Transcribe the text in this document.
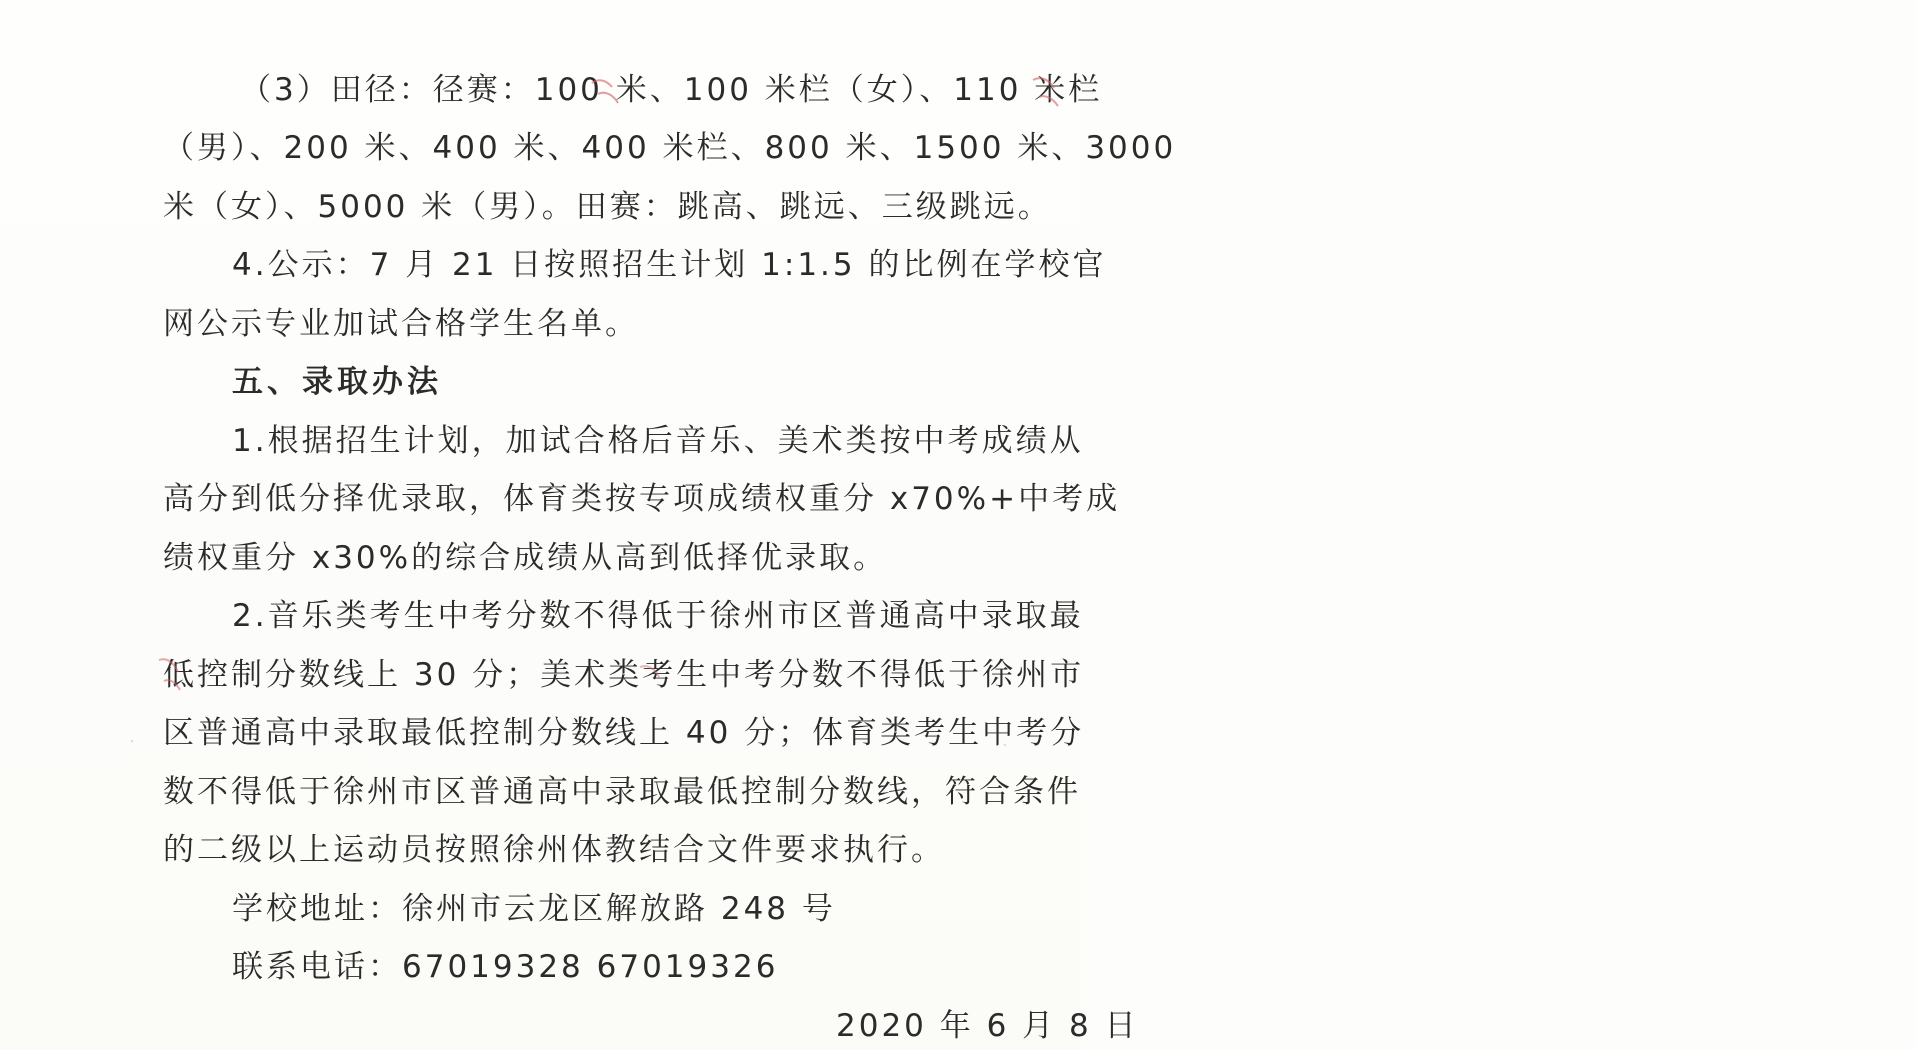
（3）田径：径赛：100 米、100 米栏（女）、110 米栏
（男）、200 米、400 米、400 米栏、800 米、1500 米、3000
米（女）、5000 米（男）。田赛：跳高、跳远、三级跳远。
4.公示：7 月 21 日按照招生计划 1:1.5 的比例在学校官
网公示专业加试合格学生名单。
五、录取办法
1.根据招生计划，加试合格后音乐、美术类按中考成绩从
高分到低分择优录取，体育类按专项成绩权重分 x70%+中考成
绩权重分 x30%的综合成绩从高到低择优录取。
2.音乐类考生中考分数不得低于徐州市区普通高中录取最
低控制分数线上 30 分；美术类考生中考分数不得低于徐州市
区普通高中录取最低控制分数线上 40 分；体育类考生中考分
数不得低于徐州市区普通高中录取最低控制分数线，符合条件
的二级以上运动员按照徐州体教结合文件要求执行。
学校地址：徐州市云龙区解放路 248 号
联系电话：67019328 67019326
2020 年 6 月 8 日
